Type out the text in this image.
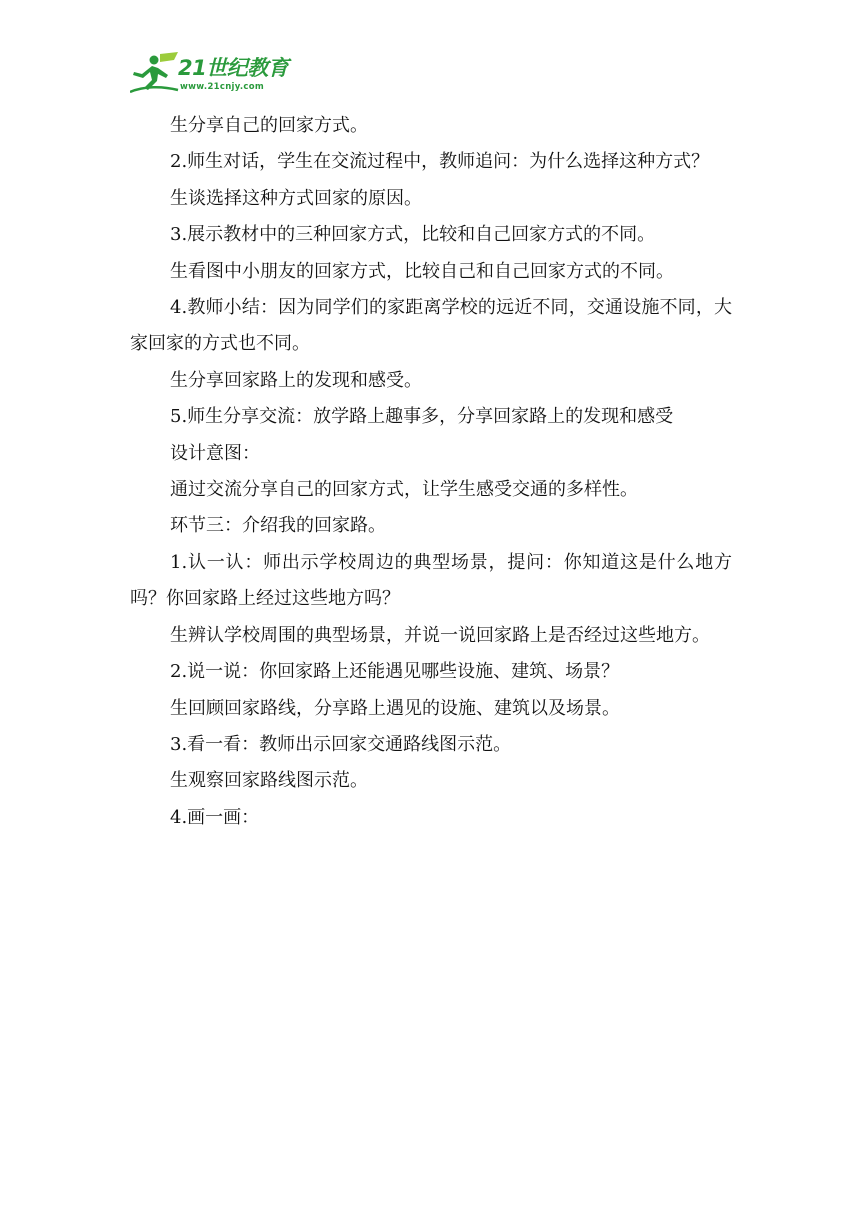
21世纪教育
www.21cnjy.com

生分享自己的回家方式。

2.师生对话，学生在交流过程中，教师追问：为什么选择这种方式？

生谈选择这种方式回家的原因。

3.展示教材中的三种回家方式，比较和自己回家方式的不同。

生看图中小朋友的回家方式，比较自己和自己回家方式的不同。

4.教师小结：因为同学们的家距离学校的远近不同，交通设施不同，大家回家的方式也不同。

生分享回家路上的发现和感受。

5.师生分享交流：放学路上趣事多，分享回家路上的发现和感受

设计意图：

通过交流分享自己的回家方式，让学生感受交通的多样性。

环节三：介绍我的回家路。

1.认一认：师出示学校周边的典型场景，提问：你知道这是什么地方吗？你回家路上经过这些地方吗？

生辨认学校周围的典型场景，并说一说回家路上是否经过这些地方。

2.说一说：你回家路上还能遇见哪些设施、建筑、场景？

生回顾回家路线，分享路上遇见的设施、建筑以及场景。

3.看一看：教师出示回家交通路线图示范。

生观察回家路线图示范。

4.画一画：
